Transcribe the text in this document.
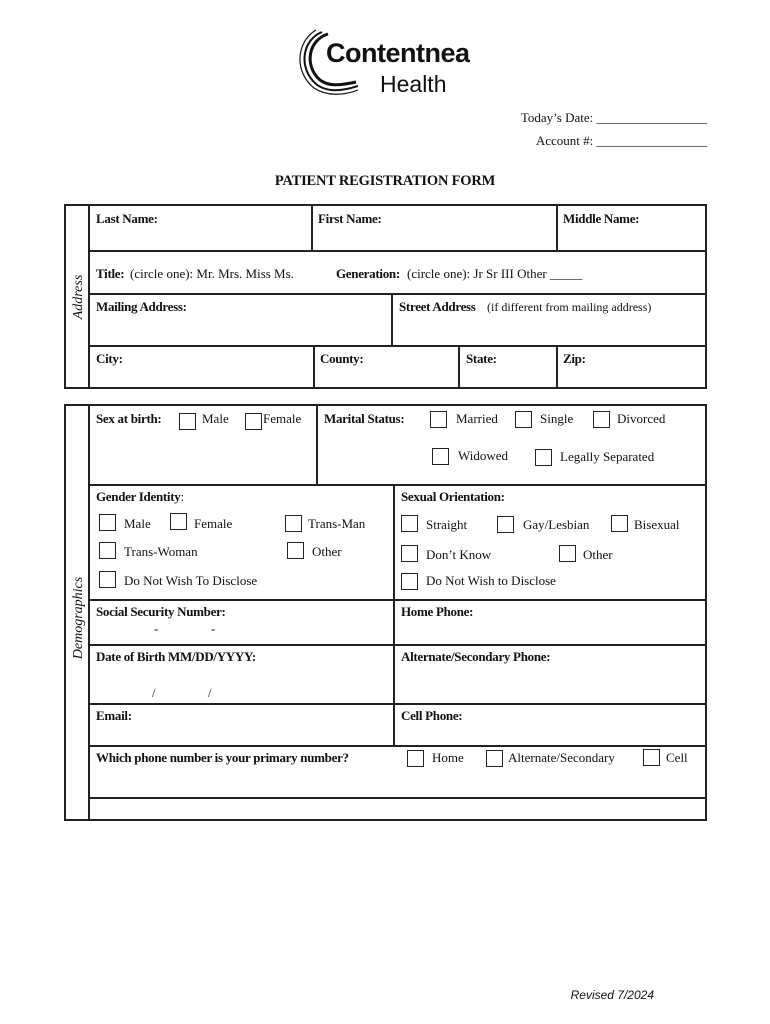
Contentnea
Health
Today’s Date: _________________
Account #: _________________
PATIENT REGISTRATION FORM
Address
Last Name:	First Name:	Middle Name:
Title: (circle one): Mr. Mrs. Miss Ms.	Generation: (circle one): Jr Sr III Other _____
Mailing Address:	Street Address (if different from mailing address)
City:	County:	State:	Zip:
Demographics
Sex at birth:	Male	Female Marital Status:	Married	Single	Divorced
Widowed	Legally Separated
Gender Identity:
Male	Female	Trans-Man
Trans-Woman	Other
Do Not Wish To Disclose
Sexual Orientation:
Straight	Gay/Lesbian	Bisexual
Don’t Know	Other
Do Not Wish to Disclose
Social Security Number:
-	-
Home Phone:
Date of Birth MM/DD/YYYY:
/	/
Alternate/Secondary Phone:
Email:	Cell Phone:
Which phone number is your primary number?	Home	Alternate/Secondary	Cell
Revised 7/2024
